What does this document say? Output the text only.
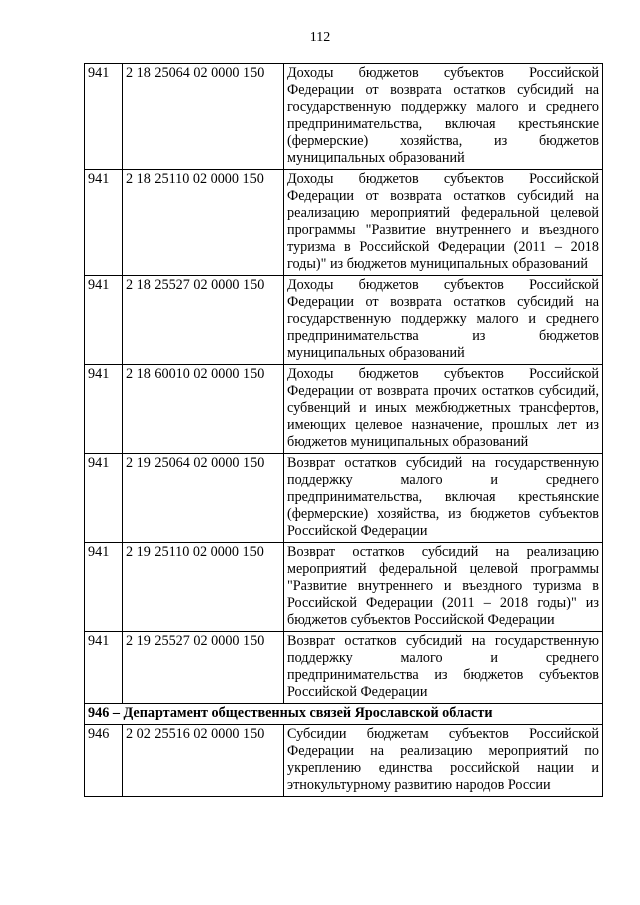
112
941	2 18 25064 02 0000 150	Доходы бюджетов субъектов Российской Федерации от возврата остатков субсидий на государственную поддержку малого и среднего предпринимательства, включая крестьянские (фермерские) хозяйства, из бюджетов муниципальных образований
941	2 18 25110 02 0000 150	Доходы бюджетов субъектов Российской Федерации от возврата остатков субсидий на реализацию мероприятий федеральной целевой программы "Развитие внутреннего и въездного туризма в Российской Федерации (2011 – 2018 годы)" из бюджетов муниципальных образований
941	2 18 25527 02 0000 150	Доходы бюджетов субъектов Российской Федерации от возврата остатков субсидий на государственную поддержку малого и среднего предпринимательства из бюджетов муниципальных образований
941	2 18 60010 02 0000 150	Доходы бюджетов субъектов Российской Федерации от возврата прочих остатков субсидий, субвенций и иных межбюджетных трансфертов, имеющих целевое назначение, прошлых лет из бюджетов муниципальных образований
941	2 19 25064 02 0000 150	Возврат остатков субсидий на государственную поддержку малого и среднего предпринимательства, включая крестьянские (фермерские) хозяйства, из бюджетов субъектов Российской Федерации
941	2 19 25110 02 0000 150	Возврат остатков субсидий на реализацию мероприятий федеральной целевой программы "Развитие внутреннего и въездного туризма в Российской Федерации (2011 – 2018 годы)" из бюджетов субъектов Российской Федерации
941	2 19 25527 02 0000 150	Возврат остатков субсидий на государственную поддержку малого и среднего предпринимательства из бюджетов субъектов Российской Федерации
946 – Департамент общественных связей Ярославской области		
946	2 02 25516 02 0000 150	Субсидии бюджетам субъектов Российской Федерации на реализацию мероприятий по укреплению единства российской нации и этнокультурному развитию народов России
